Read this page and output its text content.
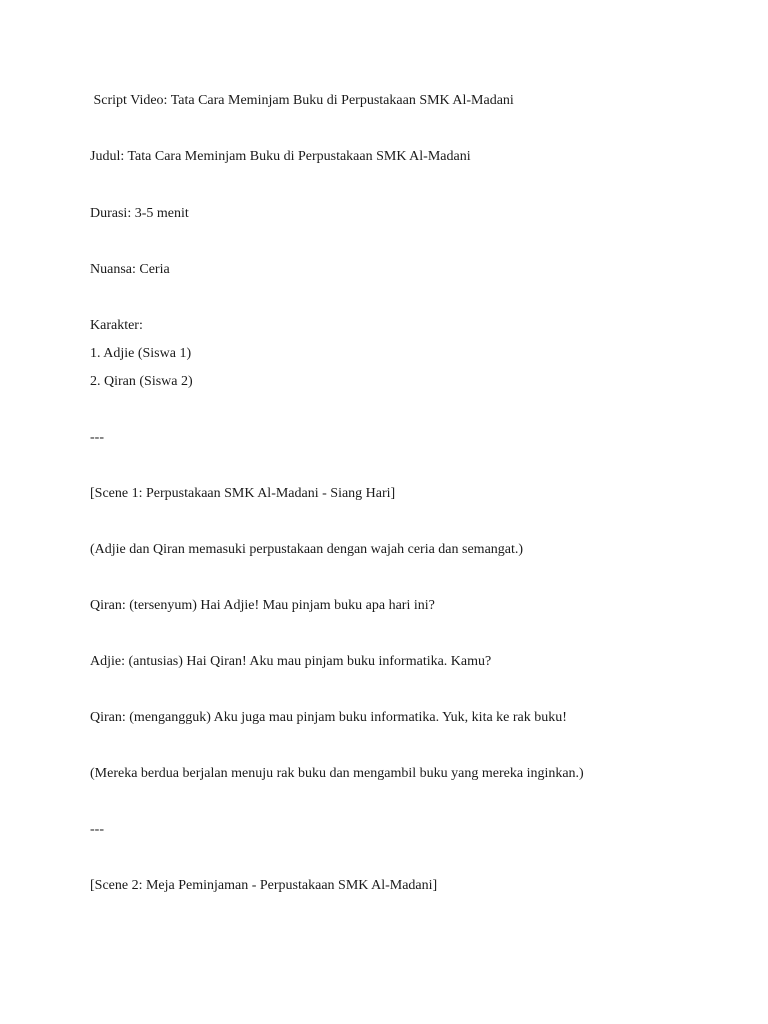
Script Video: Tata Cara Meminjam Buku di Perpustakaan SMK Al-Madani
Judul: Tata Cara Meminjam Buku di Perpustakaan SMK Al-Madani
Durasi: 3-5 menit
Nuansa: Ceria
Karakter:
1. Adjie (Siswa 1)
2. Qiran (Siswa 2)
---
[Scene 1: Perpustakaan SMK Al-Madani - Siang Hari]
(Adjie dan Qiran memasuki perpustakaan dengan wajah ceria dan semangat.)
Qiran: (tersenyum) Hai Adjie! Mau pinjam buku apa hari ini?
Adjie: (antusias) Hai Qiran! Aku mau pinjam buku informatika. Kamu?
Qiran: (mengangguk) Aku juga mau pinjam buku informatika. Yuk, kita ke rak buku!
(Mereka berdua berjalan menuju rak buku dan mengambil buku yang mereka inginkan.)
---
[Scene 2: Meja Peminjaman - Perpustakaan SMK Al-Madani]
